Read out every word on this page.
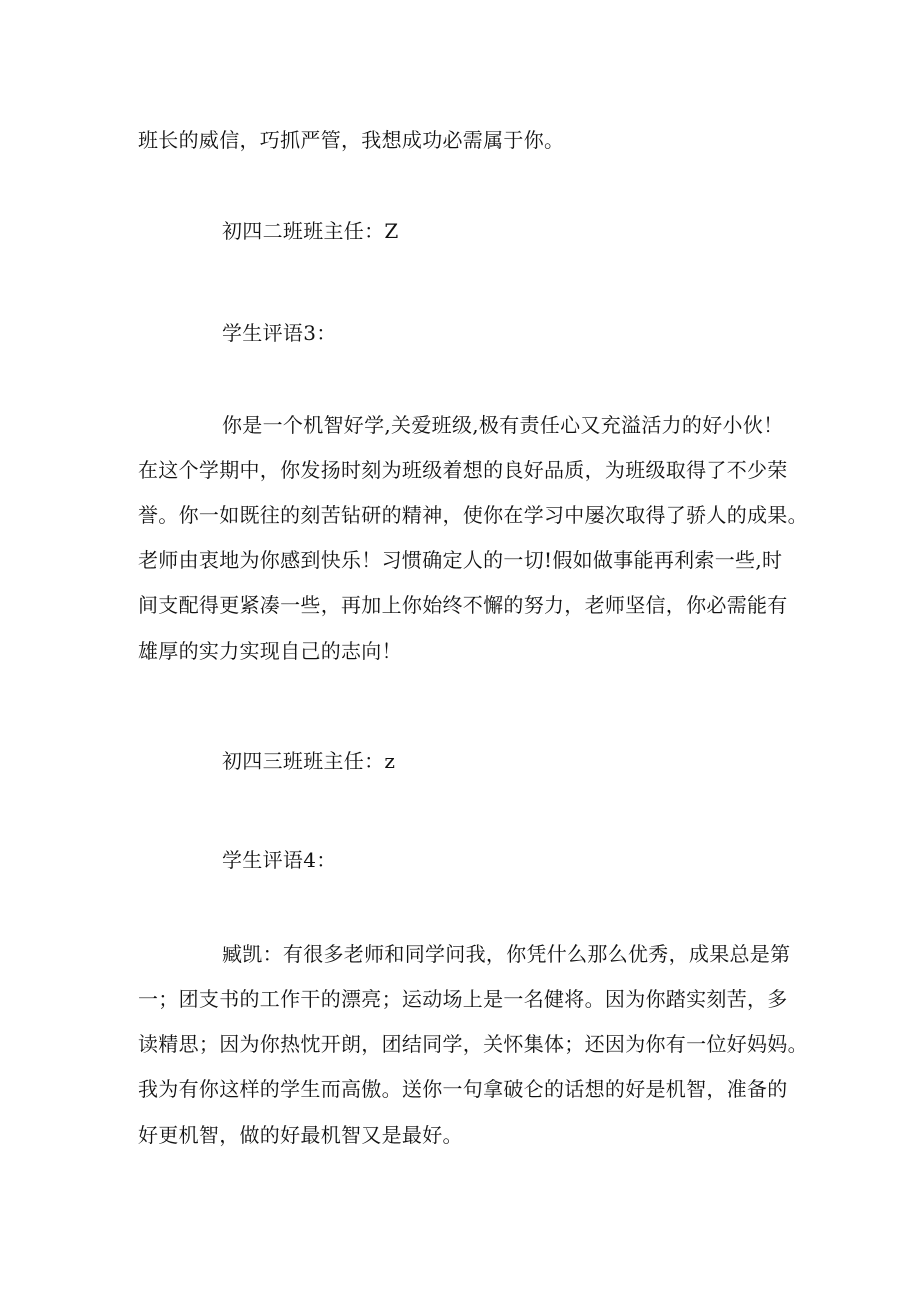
班长的威信，巧抓严管，我想成功必需属于你。
初四二班班主任：Z
学生评语3：
你是一个机智好学,关爱班级,极有责任心又充溢活力的好小伙！
在这个学期中，你发扬时刻为班级着想的良好品质，为班级取得了不少荣
誉。你一如既往的刻苦钻研的精神，使你在学习中屡次取得了骄人的成果。
老师由衷地为你感到快乐！习惯确定人的一切!假如做事能再利索一些,时
间支配得更紧凑一些，再加上你始终不懈的努力，老师坚信，你必需能有
雄厚的实力实现自己的志向！
初四三班班主任：z
学生评语4：
臧凯：有很多老师和同学问我，你凭什么那么优秀，成果总是第
一；团支书的工作干的漂亮；运动场上是一名健将。因为你踏实刻苦，多
读精思；因为你热忱开朗，团结同学，关怀集体；还因为你有一位好妈妈。
我为有你这样的学生而高傲。送你一句拿破仑的话想的好是机智，准备的
好更机智，做的好最机智又是最好。
